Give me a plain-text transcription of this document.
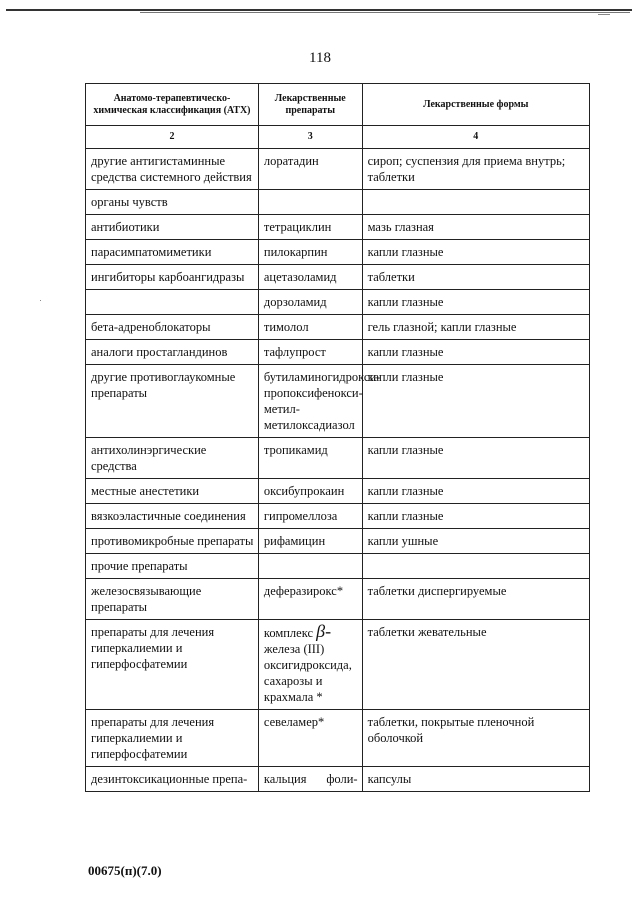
118
Анатомо-терапевтическо-химическая классификация (АТХ)	Лекарственные препараты	Лекарственные формы
2	3	4
другие антигистаминные средства системного действия	лоратадин	сироп; суспензия для приема внутрь; таблетки
органы чувств		
антибиотики	тетрациклин	мазь глазная
парасимпатомиметики	пилокарпин	капли глазные
ингибиторы карбоангидразы	ацетазоламид	таблетки
	дорзоламид	капли глазные
бета-адреноблокаторы	тимолол	гель глазной; капли глазные
аналоги простагландинов	тафлупрост	капли глазные
другие противоглаукомные препараты	бутиламиногидрокси-пропоксифенокси-метил-метилоксадиазол	капли глазные
антихолинэргические средства	тропикамид	капли глазные
местные анестетики	оксибупрокаин	капли глазные
вязкоэластичные соединения	гипромеллоза	капли глазные
противомикробные препараты	рифамицин	капли ушные
прочие препараты		
железосвязывающие препараты	деферазирокс*	таблетки диспергируемые
препараты для лечения гиперкалиемии и гиперфосфатемии	комплекс β- железа (III) оксигидроксида, сахарозы и крахмала *	таблетки жевательные
препараты для лечения гиперкалиемии и гиперфосфатемии	севеламер*	таблетки, покрытые пленочной оболочкой
дезинтоксикационные препа-	кальция фоли-	капсулы
00675(п)(7.0)
